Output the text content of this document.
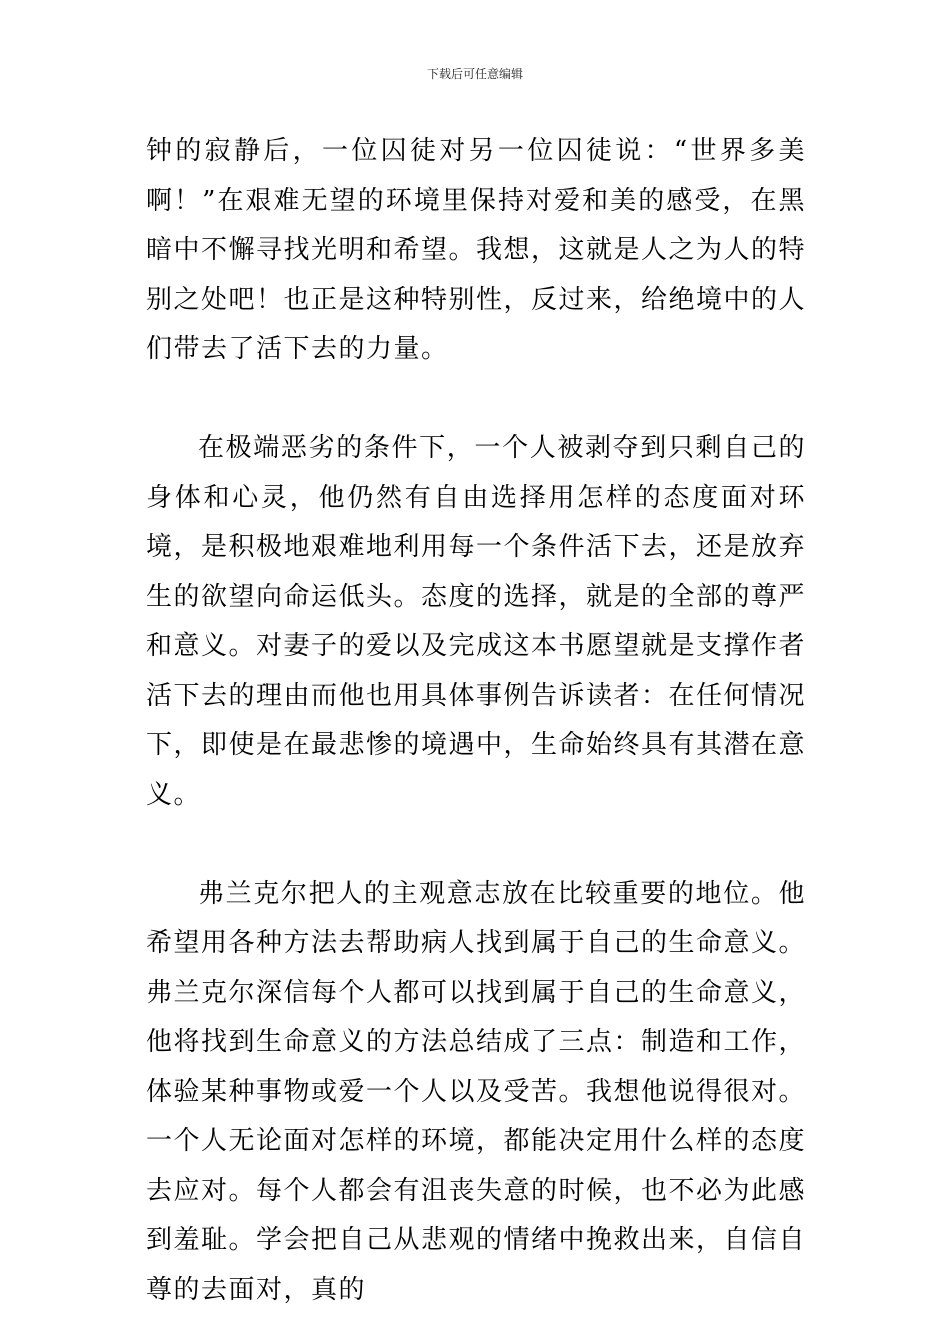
下载后可任意编辑

钟的寂静后，一位囚徒对另一位囚徒说：“世界多美啊！”在艰难无望的环境里保持对爱和美的感受，在黑暗中不懈寻找光明和希望。我想，这就是人之为人的特别之处吧！也正是这种特别性，反过来，给绝境中的人们带去了活下去的力量。

在极端恶劣的条件下，一个人被剥夺到只剩自己的身体和心灵，他仍然有自由选择用怎样的态度面对环境，是积极地艰难地利用每一个条件活下去，还是放弃生的欲望向命运低头。态度的选择，就是的全部的尊严和意义。对妻子的爱以及完成这本书愿望就是支撑作者活下去的理由而他也用具体事例告诉读者：在任何情况下，即使是在最悲惨的境遇中，生命始终具有其潜在意义。

弗兰克尔把人的主观意志放在比较重要的地位。他希望用各种方法去帮助病人找到属于自己的生命意义。弗兰克尔深信每个人都可以找到属于自己的生命意义，他将找到生命意义的方法总结成了三点：制造和工作，体验某种事物或爱一个人以及受苦。我想他说得很对。一个人无论面对怎样的环境，都能决定用什么样的态度去应对。每个人都会有沮丧失意的时候，也不必为此感到羞耻。学会把自己从悲观的情绪中挽救出来，自信自尊的去面对，真的
